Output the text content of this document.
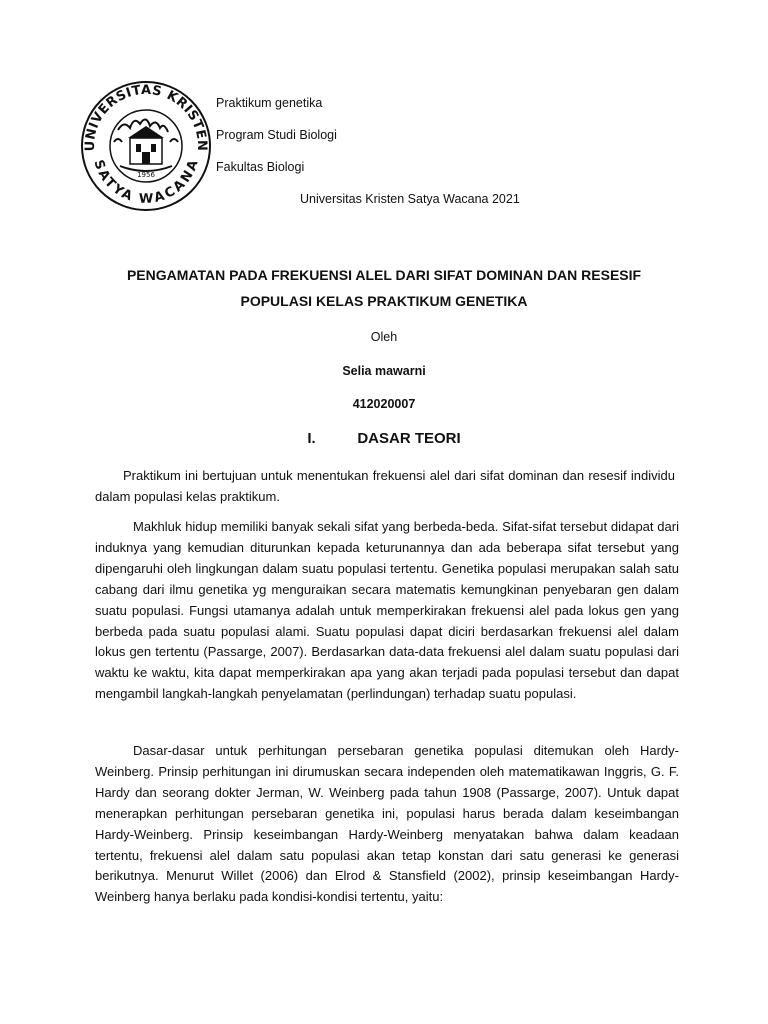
UNIVERSITAS KRISTEN
SATYA WACANA
1956
Praktikum genetika
Program Studi Biologi
Fakultas Biologi
Universitas Kristen Satya Wacana 2021
PENGAMATAN PADA FREKUENSI ALEL DARI SIFAT DOMINAN DAN RESESIF
POPULASI KELAS PRAKTIKUM GENETIKA
Oleh
Selia mawarni
412020007
I.	DASAR TEORI

Praktikum ini bertujuan untuk menentukan frekuensi alel dari sifat dominan dan resesif individu dalam populasi kelas praktikum.

Makhluk hidup memiliki banyak sekali sifat yang berbeda-beda. Sifat-sifat tersebut didapat dari induknya yang kemudian diturunkan kepada keturunannya dan ada beberapa sifat tersebut yang dipengaruhi oleh lingkungan dalam suatu populasi tertentu. Genetika populasi merupakan salah satu cabang dari ilmu genetika yg menguraikan secara matematis kemungkinan penyebaran gen dalam suatu populasi. Fungsi utamanya adalah untuk memperkirakan frekuensi alel pada lokus gen yang berbeda pada suatu populasi alami. Suatu populasi dapat diciri berdasarkan frekuensi alel dalam lokus gen tertentu (Passarge, 2007). Berdasarkan data-data frekuensi alel dalam suatu populasi dari waktu ke waktu, kita dapat memperkirakan apa yang akan terjadi pada populasi tersebut dan dapat mengambil langkah-langkah penyelamatan (perlindungan) terhadap suatu populasi.

Dasar-dasar untuk perhitungan persebaran genetika populasi ditemukan oleh Hardy-Weinberg. Prinsip perhitungan ini dirumuskan secara independen oleh matematikawan Inggris, G. F. Hardy dan seorang dokter Jerman, W. Weinberg pada tahun 1908 (Passarge, 2007). Untuk dapat menerapkan perhitungan persebaran genetika ini, populasi harus berada dalam keseimbangan Hardy-Weinberg. Prinsip keseimbangan Hardy-Weinberg menyatakan bahwa dalam keadaan tertentu, frekuensi alel dalam satu populasi akan tetap konstan dari satu generasi ke generasi berikutnya. Menurut Willet (2006) dan Elrod & Stansfield (2002), prinsip keseimbangan Hardy-Weinberg hanya berlaku pada kondisi-kondisi tertentu, yaitu:
